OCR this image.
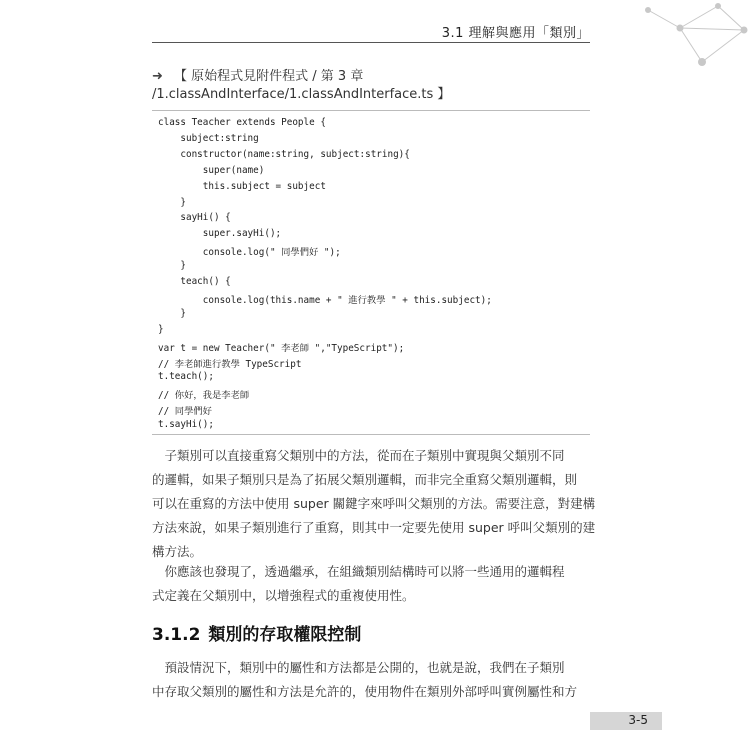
3.1 理解與應用「類別」
➜ 【 原始程式見附件程式 / 第 3 章 /1.classAndInterface/1.classAndInterface.ts 】
class Teacher extends People {
subject:string
constructor(name:string, subject:string){
super(name)
this.subject = subject
}
sayHi() {
super.sayHi();
console.log(" 同學們好 ");
}
teach() {
console.log(this.name + " 進行教學 " + this.subject);
}
}
var t = new Teacher(" 李老師 ","TypeScript");
// 李老師進行教學 TypeScript
t.teach();
// 你好，我是李老師
// 同學們好
t.sayHi();
　子類別可以直接重寫父類別中的方法，從而在子類別中實現與父類別不同
的邏輯，如果子類別只是為了拓展父類別邏輯，而非完全重寫父類別邏輯，則
可以在重寫的方法中使用 super 關鍵字來呼叫父類別的方法。需要注意，對建構
方法來說，如果子類別進行了重寫，則其中一定要先使用 super 呼叫父類別的建
構方法。
　你應該也發現了，透過繼承，在組織類別結構時可以將一些通用的邏輯程
式定義在父類別中，以增強程式的重複使用性。
3.1.2 類別的存取權限控制
　預設情況下，類別中的屬性和方法都是公開的，也就是說，我們在子類別
中存取父類別的屬性和方法是允許的，使用物件在類別外部呼叫實例屬性和方
3-5
